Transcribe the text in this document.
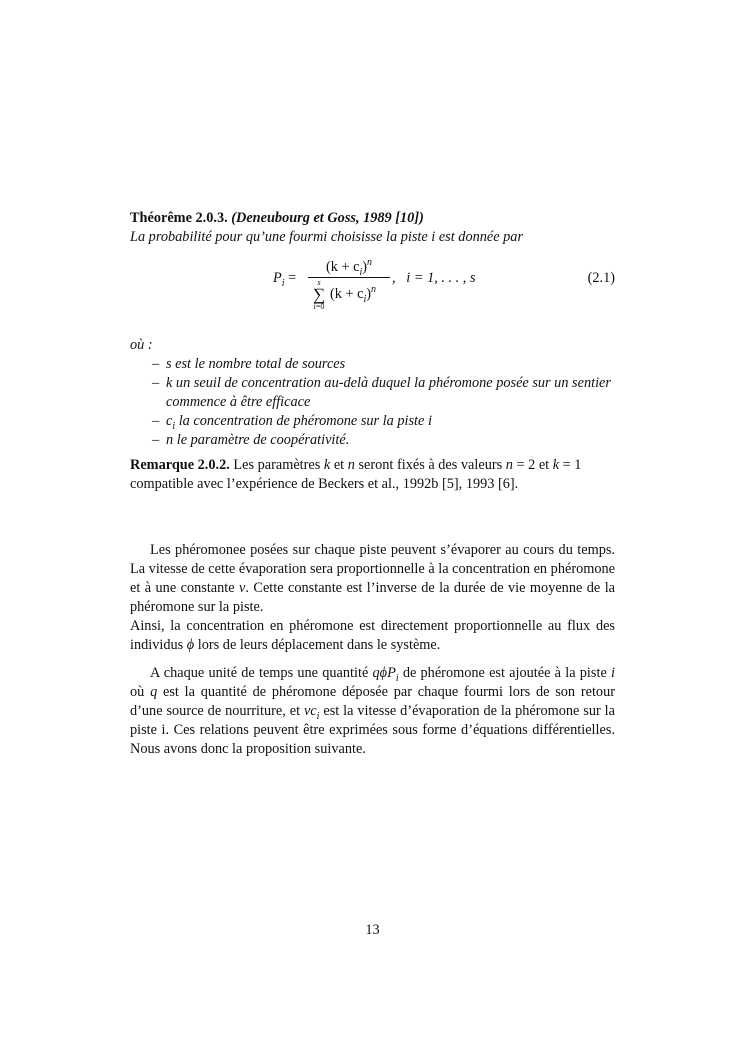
Théorême 2.0.3. (Deneubourg et Goss, 1989 [10])
La probabilité pour qu’une fourmi choisisse la piste i est donnée par
$P_i$ =
$(k + c_i)^n$
s
∑
i=0
$(k + c_i)^n$
,   i = 1, . . . , s	(2.1)
où :
– s est le nombre total de sources
– k un seuil de concentration au-delà duquel la phéromone posée sur un sentier commence à être efficace
– $c_i$ la concentration de phéromone sur la piste i
– n le paramètre de coopérativité.

Remarque 2.0.2. Les paramètres k et n seront fixés à des valeurs n = 2 et k = 1 compatible avec l’expérience de Beckers et al., 1992b [5], 1993 [6].

Les phéromonee posées sur chaque piste peuvent s’évaporer au cours du temps. La vitesse de cette évaporation sera proportionnelle à la concentration en phéromone et à une constante ν. Cette constante est l’inverse de la durée de vie moyenne de la phéromone sur la piste.

Ainsi, la concentration en phéromone est directement proportionnelle au flux des individus ϕ lors de leurs déplacement dans le système.

A chaque unité de temps une quantité qϕP$_i$ de phéromone est ajoutée à la piste i où q est la quantité de phéromone déposée par chaque fourmi lors de son retour d’une source de nourriture, et $\nu c_i$ est la vitesse d’évaporation de la phéromone sur la piste i. Ces relations peuvent être exprimées sous forme d’équations différentielles. Nous avons donc la proposition suivante.

13
